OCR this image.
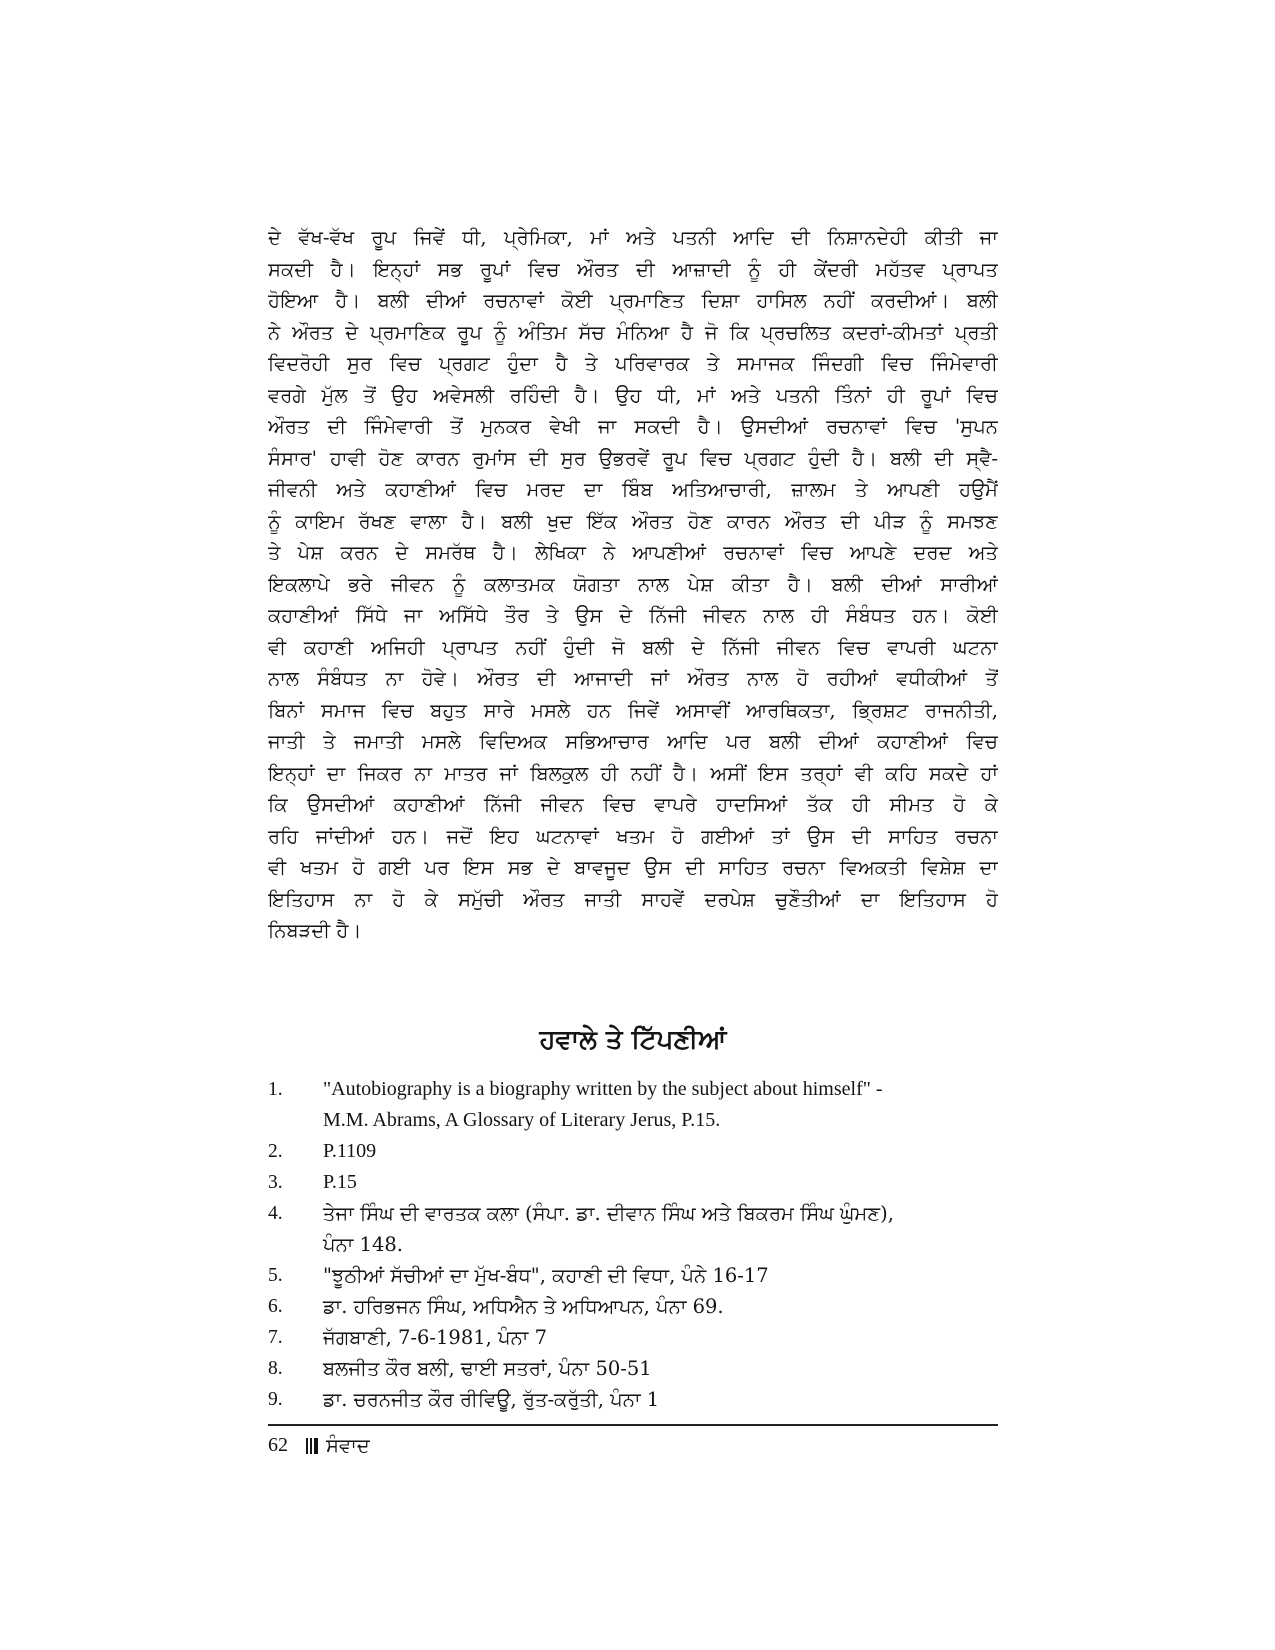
ਦੇ ਵੱਖ-ਵੱਖ ਰੂਪ ਜਿਵੇਂ ਧੀ, ਪ੍ਰੇਮਿਕਾ, ਮਾਂ ਅਤੇ ਪਤਨੀ ਆਦਿ ਦੀ ਨਿਸ਼ਾਨਦੇਹੀ ਕੀਤੀ ਜਾ
ਸਕਦੀ ਹੈ। ਇਨ੍ਹਾਂ ਸਭ ਰੂਪਾਂ ਵਿਚ ਔਰਤ ਦੀ ਆਜ਼ਾਦੀ ਨੂੰ ਹੀ ਕੇਂਦਰੀ ਮਹੱਤਵ ਪ੍ਰਾਪਤ
ਹੋਇਆ ਹੈ। ਬਲੀ ਦੀਆਂ ਰਚਨਾਵਾਂ ਕੋਈ ਪ੍ਰਮਾਣਿਤ ਦਿਸ਼ਾ ਹਾਸਿਲ ਨਹੀਂ ਕਰਦੀਆਂ। ਬਲੀ
ਨੇ ਔਰਤ ਦੇ ਪ੍ਰਮਾਣਿਕ ਰੂਪ ਨੂੰ ਅੰਤਿਮ ਸੱਚ ਮੰਨਿਆ ਹੈ ਜੋ ਕਿ ਪ੍ਰਚਲਿਤ ਕਦਰਾਂ-ਕੀਮਤਾਂ ਪ੍ਰਤੀ
ਵਿਦਰੋਹੀ ਸੁਰ ਵਿਚ ਪ੍ਰਗਟ ਹੁੰਦਾ ਹੈ ਤੇ ਪਰਿਵਾਰਕ ਤੇ ਸਮਾਜਕ ਜਿੰਦਗੀ ਵਿਚ ਜਿੰਮੇਵਾਰੀ
ਵਰਗੇ ਮੁੱਲ ਤੋਂ ਉਹ ਅਵੇਸਲੀ ਰਹਿੰਦੀ ਹੈ। ਉਹ ਧੀ, ਮਾਂ ਅਤੇ ਪਤਨੀ ਤਿੰਨਾਂ ਹੀ ਰੂਪਾਂ ਵਿਚ
ਔਰਤ ਦੀ ਜਿੰਮੇਵਾਰੀ ਤੋਂ ਮੁਨਕਰ ਵੇਖੀ ਜਾ ਸਕਦੀ ਹੈ। ਉਸਦੀਆਂ ਰਚਨਾਵਾਂ ਵਿਚ 'ਸੁਪਨ
ਸੰਸਾਰ' ਹਾਵੀ ਹੋਣ ਕਾਰਨ ਰੁਮਾਂਸ ਦੀ ਸੁਰ ਉਭਰਵੇਂ ਰੂਪ ਵਿਚ ਪ੍ਰਗਟ ਹੁੰਦੀ ਹੈ। ਬਲੀ ਦੀ ਸ੍ਵੈ-
ਜੀਵਨੀ ਅਤੇ ਕਹਾਣੀਆਂ ਵਿਚ ਮਰਦ ਦਾ ਬਿੰਬ ਅਤਿਆਚਾਰੀ, ਜ਼ਾਲਮ ਤੇ ਆਪਣੀ ਹਉਮੈਂ
ਨੂੰ ਕਾਇਮ ਰੱਖਣ ਵਾਲਾ ਹੈ। ਬਲੀ ਖੁਦ ਇੱਕ ਔਰਤ ਹੋਣ ਕਾਰਨ ਔਰਤ ਦੀ ਪੀੜ ਨੂੰ ਸਮਝਣ
ਤੇ ਪੇਸ਼ ਕਰਨ ਦੇ ਸਮਰੱਥ ਹੈ। ਲੇਖਿਕਾ ਨੇ ਆਪਣੀਆਂ ਰਚਨਾਵਾਂ ਵਿਚ ਆਪਣੇ ਦਰਦ ਅਤੇ
ਇਕਲਾਪੇ ਭਰੇ ਜੀਵਨ ਨੂੰ ਕਲਾਤਮਕ ਯੋਗਤਾ ਨਾਲ ਪੇਸ਼ ਕੀਤਾ ਹੈ। ਬਲੀ ਦੀਆਂ ਸਾਰੀਆਂ
ਕਹਾਣੀਆਂ ਸਿੱਧੇ ਜਾ ਅਸਿੱਧੇ ਤੌਰ ਤੇ ਉਸ ਦੇ ਨਿੱਜੀ ਜੀਵਨ ਨਾਲ ਹੀ ਸੰਬੰਧਤ ਹਨ। ਕੋਈ
ਵੀ ਕਹਾਣੀ ਅਜਿਹੀ ਪ੍ਰਾਪਤ ਨਹੀਂ ਹੁੰਦੀ ਜੋ ਬਲੀ ਦੇ ਨਿੱਜੀ ਜੀਵਨ ਵਿਚ ਵਾਪਰੀ ਘਟਨਾ
ਨਾਲ ਸੰਬੰਧਤ ਨਾ ਹੋਵੇ। ਔਰਤ ਦੀ ਆਜਾਦੀ ਜਾਂ ਔਰਤ ਨਾਲ ਹੋ ਰਹੀਆਂ ਵਧੀਕੀਆਂ ਤੋਂ
ਬਿਨਾਂ ਸਮਾਜ ਵਿਚ ਬਹੁਤ ਸਾਰੇ ਮਸਲੇ ਹਨ ਜਿਵੇਂ ਅਸਾਵੀਂ ਆਰਥਿਕਤਾ, ਭ੍ਰਿਸ਼ਟ ਰਾਜਨੀਤੀ,
ਜਾਤੀ ਤੇ ਜਮਾਤੀ ਮਸਲੇ ਵਿਦਿਅਕ ਸਭਿਆਚਾਰ ਆਦਿ ਪਰ ਬਲੀ ਦੀਆਂ ਕਹਾਣੀਆਂ ਵਿਚ
ਇਨ੍ਹਾਂ ਦਾ ਜਿਕਰ ਨਾ ਮਾਤਰ ਜਾਂ ਬਿਲਕੁਲ ਹੀ ਨਹੀਂ ਹੈ। ਅਸੀਂ ਇਸ ਤਰ੍ਹਾਂ ਵੀ ਕਹਿ ਸਕਦੇ ਹਾਂ
ਕਿ ਉਸਦੀਆਂ ਕਹਾਣੀਆਂ ਨਿੱਜੀ ਜੀਵਨ ਵਿਚ ਵਾਪਰੇ ਹਾਦਸਿਆਂ ਤੱਕ ਹੀ ਸੀਮਤ ਹੋ ਕੇ
ਰਹਿ ਜਾਂਦੀਆਂ ਹਨ। ਜਦੋਂ ਇਹ ਘਟਨਾਵਾਂ ਖਤਮ ਹੋ ਗਈਆਂ ਤਾਂ ਉਸ ਦੀ ਸਾਹਿਤ ਰਚਨਾ
ਵੀ ਖਤਮ ਹੋ ਗਈ ਪਰ ਇਸ ਸਭ ਦੇ ਬਾਵਜੂਦ ਉਸ ਦੀ ਸਾਹਿਤ ਰਚਨਾ ਵਿਅਕਤੀ ਵਿਸ਼ੇਸ਼ ਦਾ
ਇਤਿਹਾਸ ਨਾ ਹੋ ਕੇ ਸਮੁੱਚੀ ਔਰਤ ਜਾਤੀ ਸਾਹਵੇਂ ਦਰਪੇਸ਼ ਚੁਣੌਤੀਆਂ ਦਾ ਇਤਿਹਾਸ ਹੋ
ਨਿਬੜਦੀ ਹੈ।
ਹਵਾਲੇ ਤੇ ਟਿੱਪਣੀਆਂ
1.	"Autobiography is a biography written by the subject about himself" -
M.M. Abrams, A Glossary of Literary Jerus, P.15.
2.	P.1109
3.	P.15
4.	ਤੇਜਾ ਸਿੰਘ ਦੀ ਵਾਰਤਕ ਕਲਾ (ਸੰਪਾ. ਡਾ. ਦੀਵਾਨ ਸਿੰਘ ਅਤੇ ਬਿਕਰਮ ਸਿੰਘ ਘੁੰਮਣ),
ਪੰਨਾ 148.
5.	"ਝੂਠੀਆਂ ਸੱਚੀਆਂ ਦਾ ਮੁੱਖ-ਬੰਧ", ਕਹਾਣੀ ਦੀ ਵਿਧਾ, ਪੰਨੇ 16-17
6.	ਡਾ. ਹਰਿਭਜਨ ਸਿੰਘ, ਅਧਿਐਨ ਤੇ ਅਧਿਆਪਨ, ਪੰਨਾ 69.
7.	ਜੱਗਬਾਣੀ, 7-6-1981, ਪੰਨਾ 7
8.	ਬਲਜੀਤ ਕੌਰ ਬਲੀ, ਢਾਈ ਸਤਰਾਂ, ਪੰਨਾ 50-51
9.	ਡਾ. ਚਰਨਜੀਤ ਕੌਰ ਰੀਵਿਊ, ਰੁੱਤ-ਕਰੁੱਤੀ, ਪੰਨਾ 1
62 ਸੰਵਾਦ
